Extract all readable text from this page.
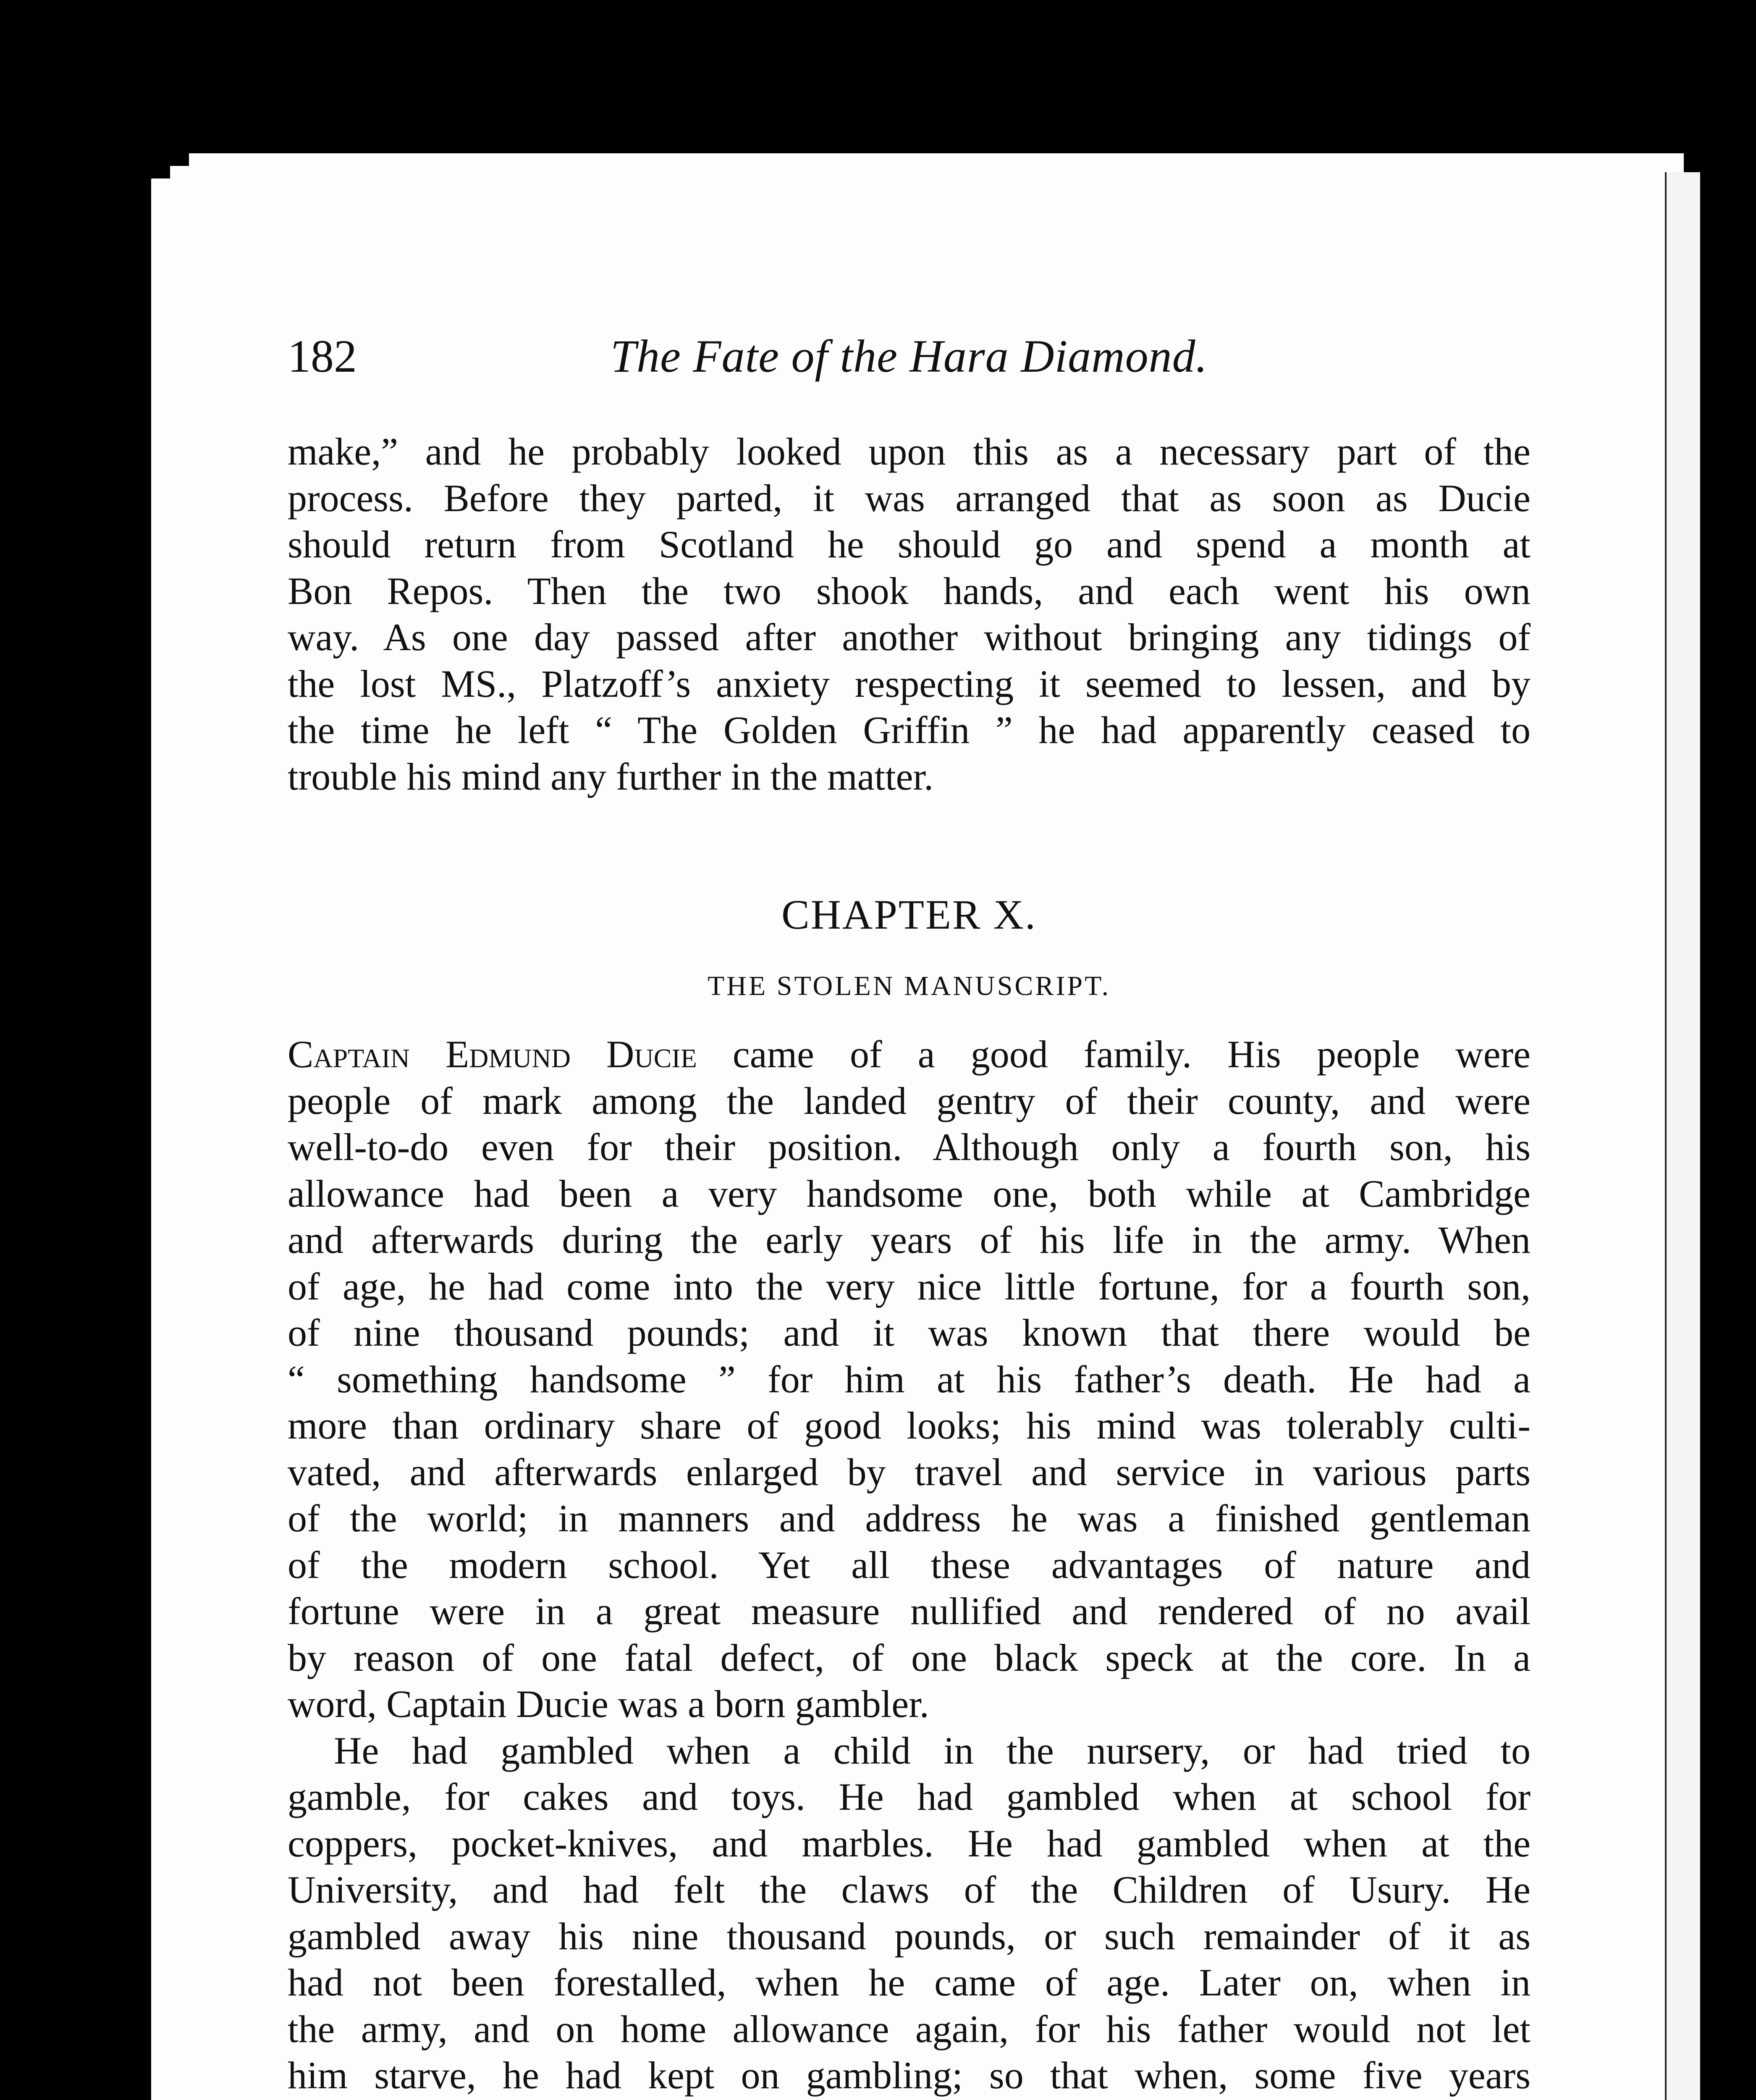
182	The Fate of the Hara Diamond.

make,” and he probably looked upon this as a necessary part of the

process. Before they parted, it was arranged that as soon as Ducie

should return from Scotland he should go and spend a month at

Bon Repos. Then the two shook hands, and each went his own

way. As one day passed after another without bringing any tidings of

the lost MS., Platzoff’s anxiety respecting it seemed to lessen, and by

the time he left “ The Golden Griffin ” he had apparently ceased to

trouble his mind any further in the matter.

CHAPTER X.
THE STOLEN MANUSCRIPT.

Captain Edmund Ducie came of a good family. His people were

people of mark among the landed gentry of their county, and were

well-to-do even for their position. Although only a fourth son, his

allowance had been a very handsome one, both while at Cambridge

and afterwards during the early years of his life in the army. When

of age, he had come into the very nice little fortune, for a fourth son,

of nine thousand pounds; and it was known that there would be

“ something handsome ” for him at his father’s death. He had a

more than ordinary share of good looks; his mind was tolerably culti-

vated, and afterwards enlarged by travel and service in various parts

of the world; in manners and address he was a finished gentleman

of the modern school. Yet all these advantages of nature and

fortune were in a great measure nullified and rendered of no avail

by reason of one fatal defect, of one black speck at the core. In a

word, Captain Ducie was a born gambler.

He had gambled when a child in the nursery, or had tried to

gamble, for cakes and toys. He had gambled when at school for

coppers, pocket-knives, and marbles. He had gambled when at the

University, and had felt the claws of the Children of Usury. He

gambled away his nine thousand pounds, or such remainder of it as

had not been forestalled, when he came of age. Later on, when in

the army, and on home allowance again, for his father would not let

him starve, he had kept on gambling; so that when, some five years
